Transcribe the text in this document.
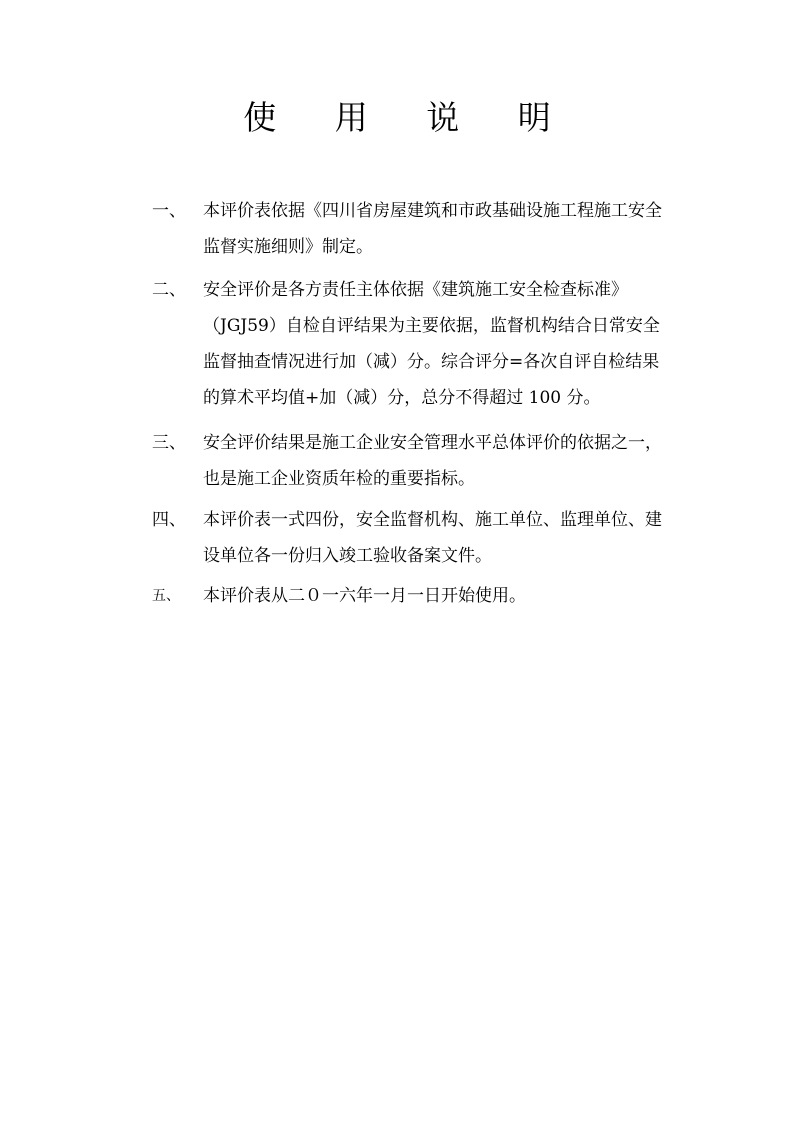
使 用 说 明
一、 本评价表依据《四川省房屋建筑和市政基础设施工程施工安全
监督实施细则》制定。
二、 安全评价是各方责任主体依据《建筑施工安全检查标准》
（JGJ59）自检自评结果为主要依据，监督机构结合日常安全
监督抽查情况进行加（减）分。综合评分=各次自评自检结果
的算术平均值+加（减）分，总分不得超过 100 分。
三、 安全评价结果是施工企业安全管理水平总体评价的依据之一，
也是施工企业资质年检的重要指标。
四、 本评价表一式四份，安全监督机构、施工单位、监理单位、建
设单位各一份归入竣工验收备案文件。
五、 本评价表从二０一六年一月一日开始使用。
